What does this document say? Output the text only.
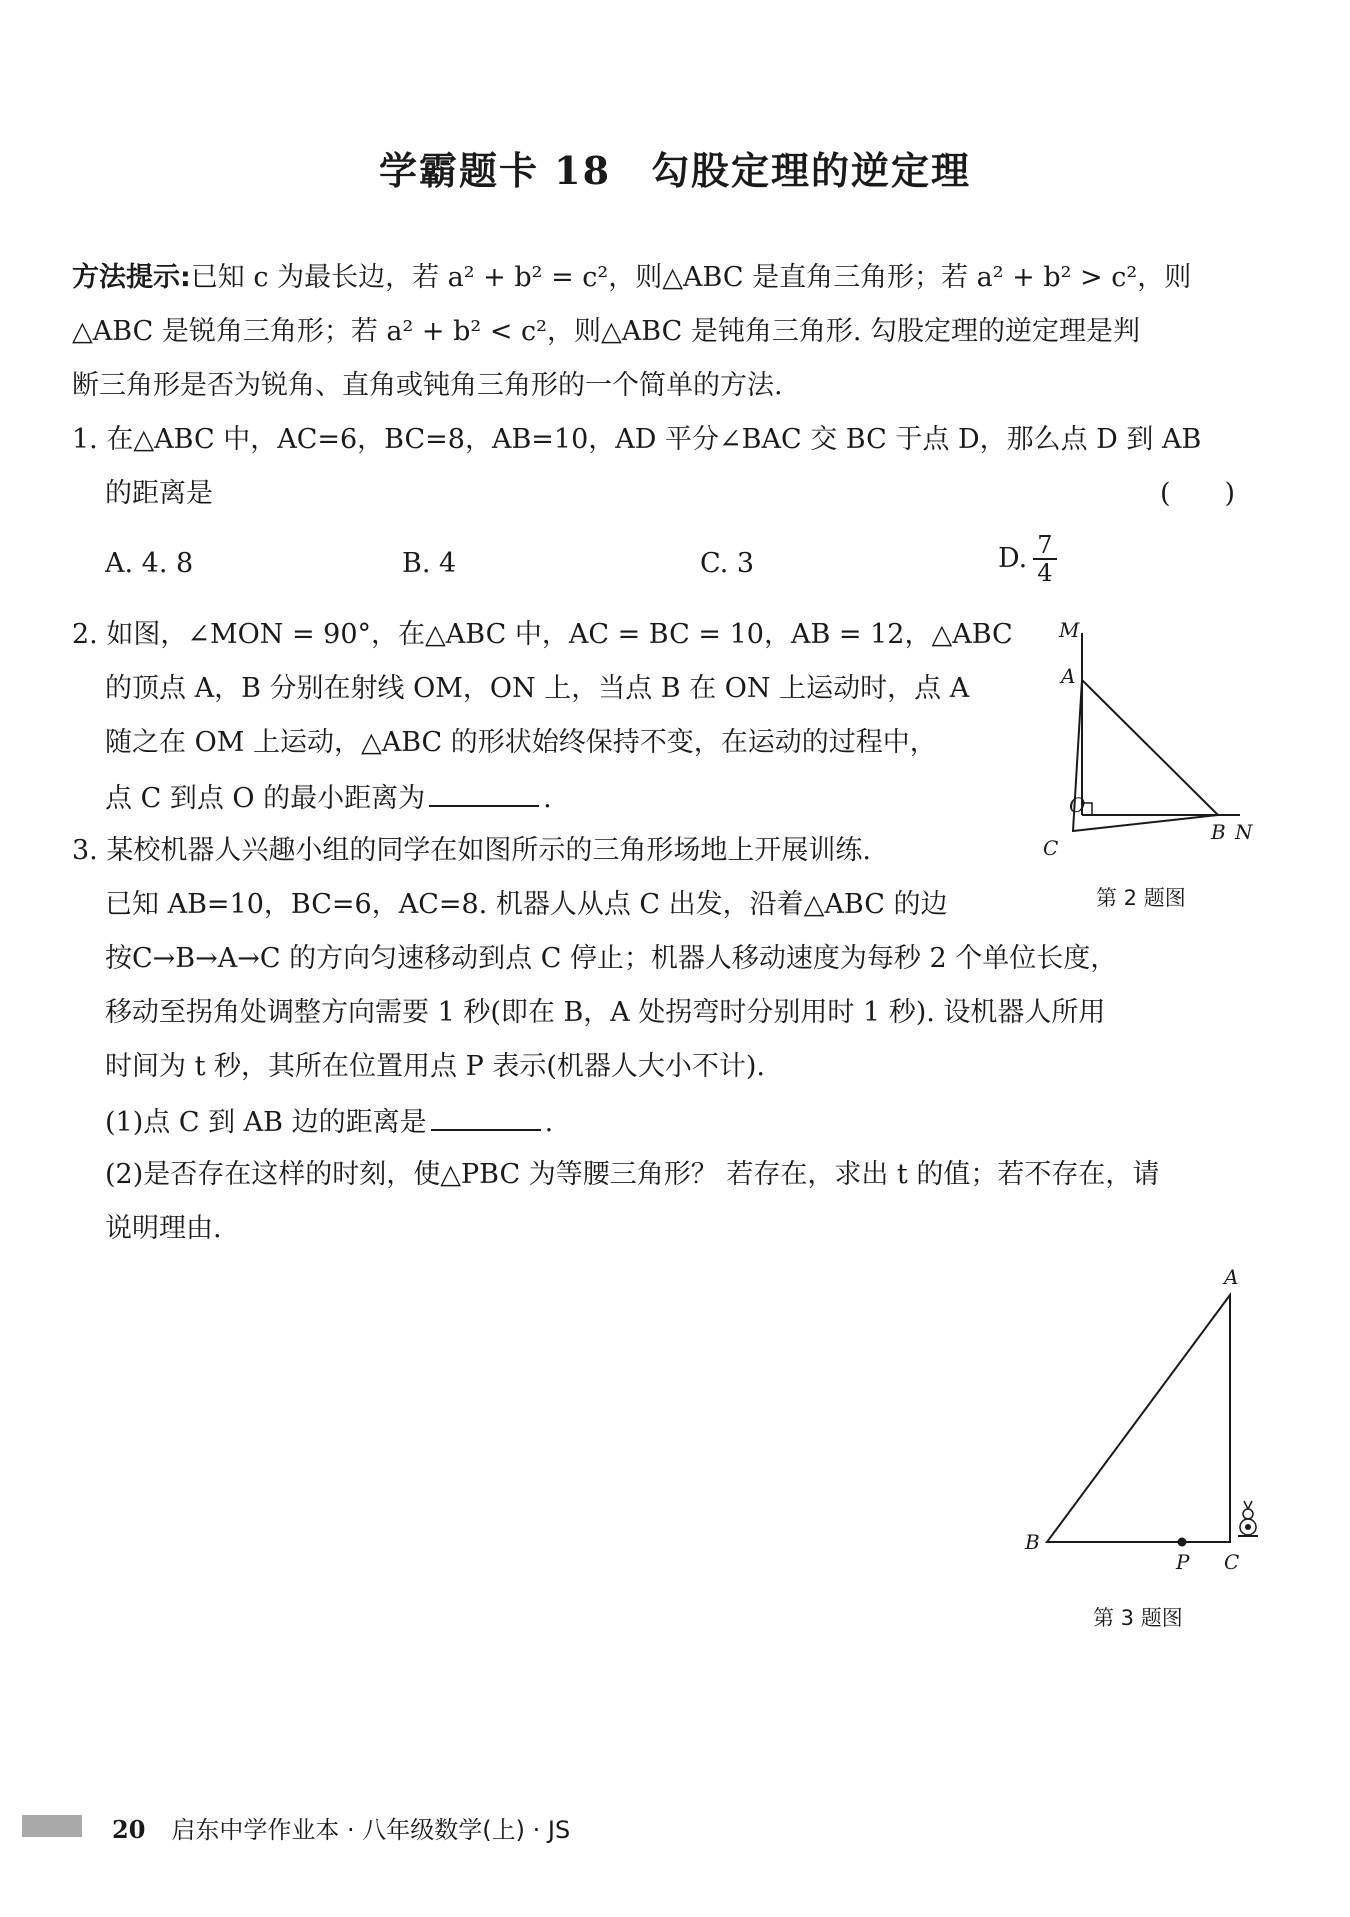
学霸题卡 18　勾股定理的逆定理
方法提示:已知 c 为最长边，若 a² + b² = c²，则△ABC 是直角三角形；若 a² + b² > c²，则
△ABC 是锐角三角形；若 a² + b² < c²，则△ABC 是钝角三角形. 勾股定理的逆定理是判
断三角形是否为锐角、直角或钝角三角形的一个简单的方法.
1. 在△ABC 中，AC=6，BC=8，AB=10，AD 平分∠BAC 交 BC 于点 D，那么点 D 到 AB
的距离是	(　　)
A. 4. 8	B. 4	C. 3	D. $\frac{7}{4}$
2. 如图，∠MON = 90°，在△ABC 中，AC = BC = 10，AB = 12，△ABC
的顶点 A，B 分别在射线 OM，ON 上，当点 B 在 ON 上运动时，点 A
随之在 OM 上运动，△ABC 的形状始终保持不变，在运动的过程中，
点 C 到点 O 的最小距离为	.
M
A
O
B N
C
第 2 题图
3. 某校机器人兴趣小组的同学在如图所示的三角形场地上开展训练.
已知 AB=10，BC=6，AC=8. 机器人从点 C 出发，沿着△ABC 的边
按C→B→A→C 的方向匀速移动到点 C 停止；机器人移动速度为每秒 2 个单位长度，
移动至拐角处调整方向需要 1 秒(即在 B，A 处拐弯时分别用时 1 秒). 设机器人所用
时间为 t 秒，其所在位置用点 P 表示(机器人大小不计).
(1)点 C 到 AB 边的距离是	.
(2)是否存在这样的时刻，使△PBC 为等腰三角形？ 若存在，求出 t 的值；若不存在，请
说明理由.
A
B
P C
第 3 题图
20 启东中学作业本 · 八年级数学(上) · JS
